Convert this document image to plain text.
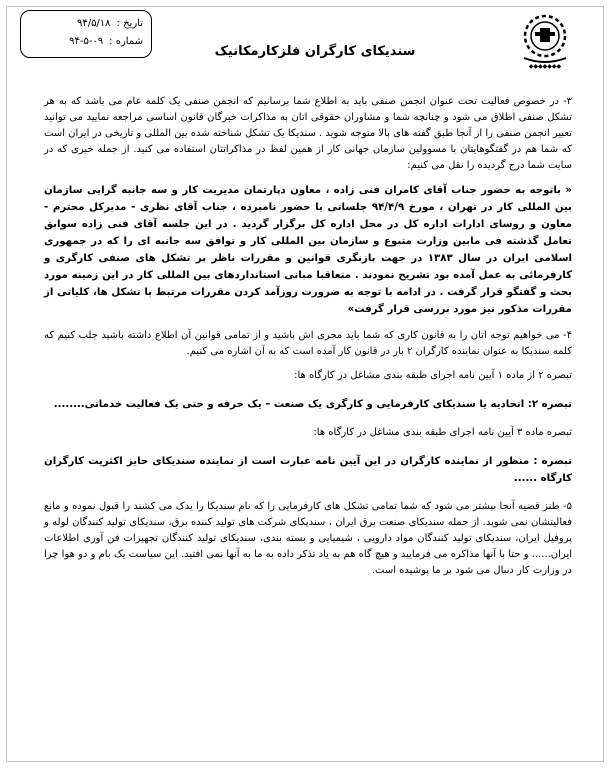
تاریخ :
۹۴/۵/۱۸
شماره :
۹۴-۵-۰۹
◆◆◆◆◆◆◆
سندیکای کارگران فلزکارمکانیک

۳- در خصوص فعالیت تحت عنوان انجمن صنفی باید به اطلاع شما برسانیم که انجمن صنفی یک کلمه عام می باشد که به هر تشکل صنفی اطلاق می شود و چنانچه شما و مشاوران حقوقی اتان به مذاکرات خبرگان قانون اساسی مراجعه نمایید می توانید تعبیر انجمن صنفی را از آنجا طبق گفته های بالا متوجه شوید . سندیکا یک تشکل شناخته شده بین المللی و تاریخی در ایران است که شما هم در گفتگوهایتان با مسوولین سازمان جهانی کار از همین لفظ در مذاکراتتان استفاده می کنید. از جمله خبری که در سایت شما درج گردیده را نقل می کنیم:

« باتوجه به حضور جناب آقای کامران فنی زاده ، معاون دپارتمان مدیریت کار و سه جانبه گرایی سازمان بین المللی کار در تهران ، مورخ ۹۴/۴/۹ جلساتی با حضور نامبرده ، جناب آقای نظری - مدیرکل محترم - معاون و روسای ادارات اداره کل در محل اداره کل برگزار گردید . در این جلسه آقای فنی زاده سوابق تعامل گذشته فی مابین وزارت متبوع و سازمان بین المللی کار و توافق سه جانبه ای را که در جمهوری اسلامی ایران در سال ۱۳۸۳ در جهت بازنگری قوانین و مقررات ناظر بر تشکل های صنفی کارگری و کارفرمائی به عمل آمده بود تشریح نمودند . متعاقبا مبانی استانداردهای بین المللی کار در این زمینه مورد بحث و گفتگو قرار گرفت . در ادامه با توجه به ضرورت روزآمد کردن مقررات مرتبط با تشکل ها، کلیاتی از مقررات مذکور نیز مورد بررسی قرار گرفت»

۴- می خواهیم توجه اتان را به قانون کاری که شما باید مجری اش باشید و از تمامی قوانین آن اطلاع داشته باشید جلب کنیم که کلمه سندیکا به عنوان نماینده کارگران ۲ بار در قانون کار آمده است که به آن اشاره می کنیم.

تبصره ۲ از ماده ۱ آیین نامه اجرای طبقه بندی مشاغل در کارگاه ها:

تبصره ۲: اتحادیه یا سندیکای کارفرمایی و کارگری یک صنعت – یک حرفه و حتی یک فعالیت خدماتی........

تبصره ماده ۳ آیین نامه اجرای طبقه بندی مشاغل در کارگاه ها:

تبصره : منظور از نماینده کارگران در این آیین نامه عبارت است از نماینده سندیکای حایز اکثریت کارگران کارگاه ......

۵- طنز قضیه آنجا بیشتر می شود که شما تمامی تشکل های کارفرمایی را که نام سندیکا را یدک می کشند را قبول نموده و مانع فعالیتشان نمی شوید. از جمله سندیکای صنعت برق ایران ، سندیکای شرکت های تولید کننده برق، سندیکای تولید کنندگان لوله و پروفیل ایران، سندیکای تولید کنندگان مواد دارویی ، شیمیایی و بسته بندی، سندیکای تولید کنندگان تجهیزات فن آوری اطلاعات ایران...... و حتا با آنها مذاکره می فرمایید و هیچ گاه هم به یاد تذکر داده به ما به آنها نمی افتید. این سیاست یک بام و دو هوا چرا در وزارت کار دنبال می شود بر ما پوشیده است.
